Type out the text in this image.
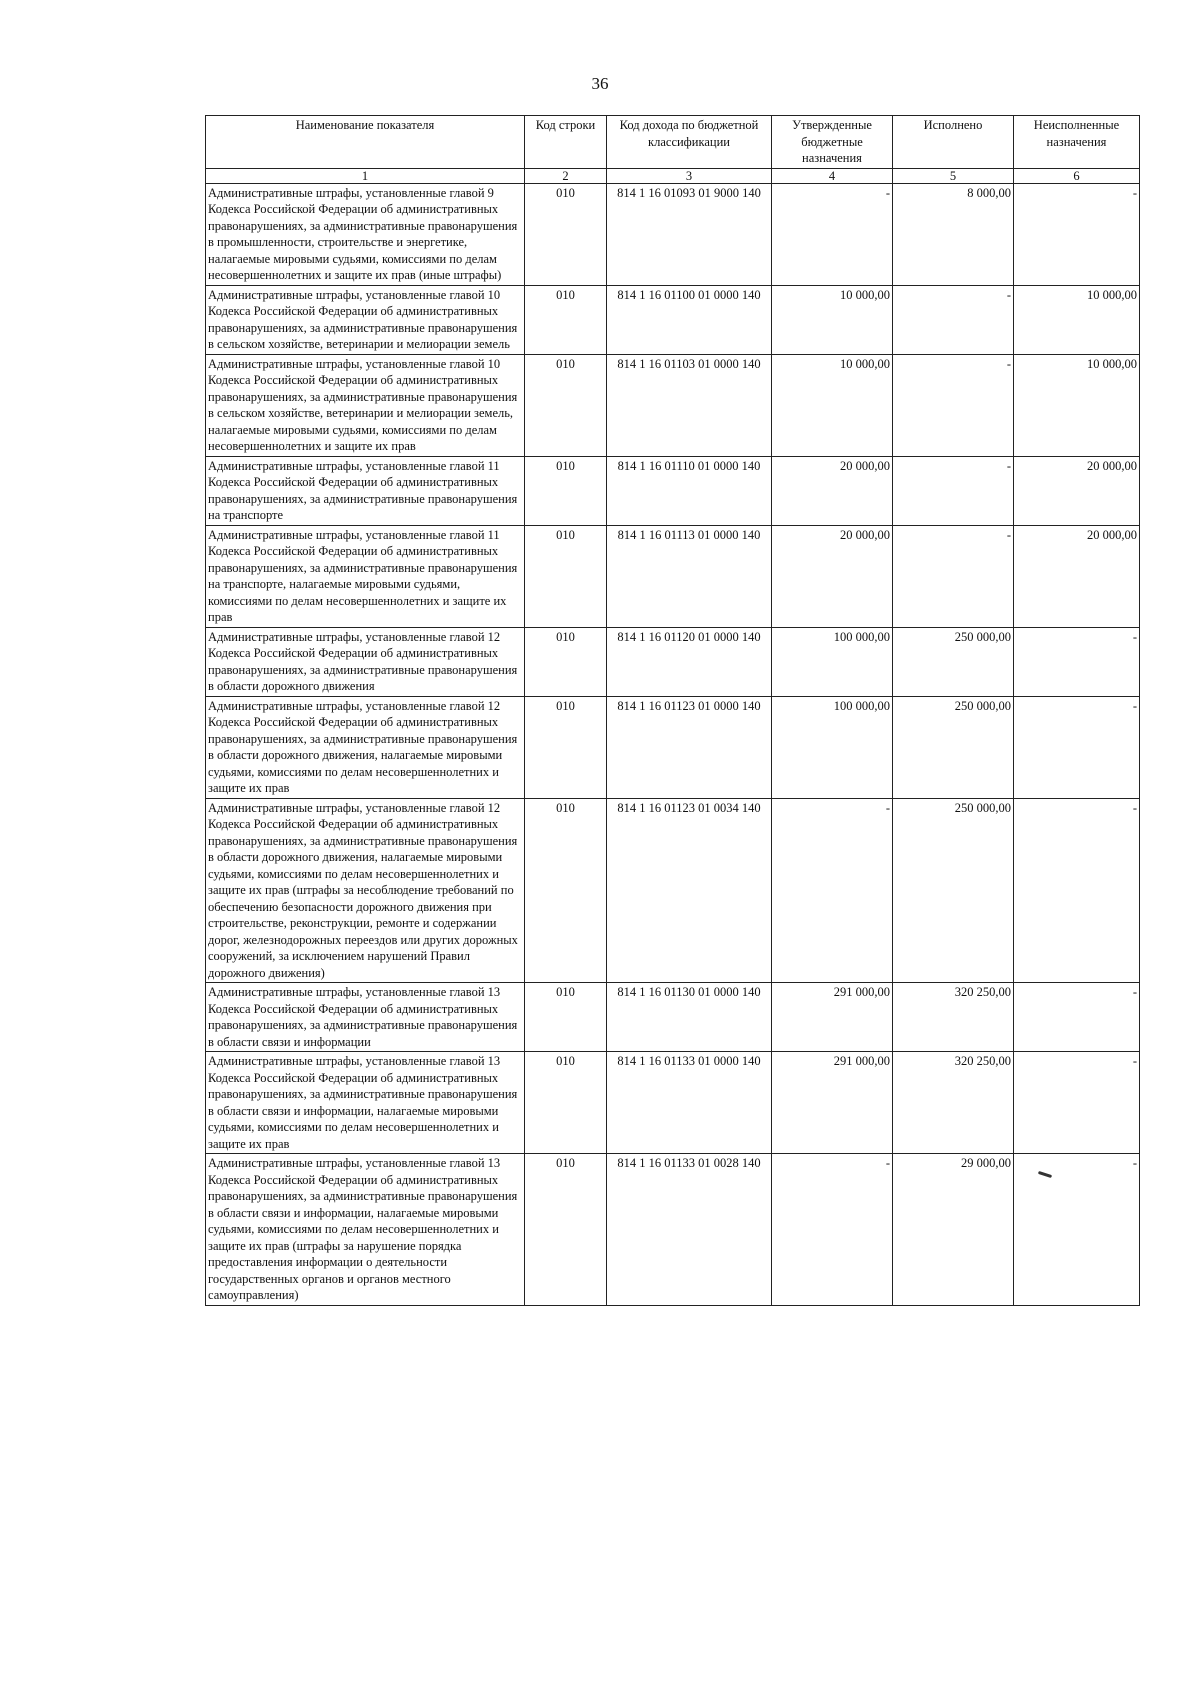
36
Наименование показателя	Код строки	Код дохода по бюджетной классификации	Утвержденные бюджетные назначения	Исполнено	Неисполненные назначения
1	2	3	4	5	6
Административные штрафы, установленные главой 9 Кодекса Российской Федерации об административных правонарушениях, за административные правонарушения в промышленности, строительстве и энергетике, налагаемые мировыми судьями, комиссиями по делам несовершеннолетних и защите их прав (иные штрафы)	010	814 1 16 01093 01 9000 140	-	8 000,00	-
Административные штрафы, установленные главой 10 Кодекса Российской Федерации об административных правонарушениях, за административные правонарушения в сельском хозяйстве, ветеринарии и мелиорации земель	010	814 1 16 01100 01 0000 140	10 000,00	-	10 000,00
Административные штрафы, установленные главой 10 Кодекса Российской Федерации об административных правонарушениях, за административные правонарушения в сельском хозяйстве, ветеринарии и мелиорации земель, налагаемые мировыми судьями, комиссиями по делам несовершеннолетних и защите их прав	010	814 1 16 01103 01 0000 140	10 000,00	-	10 000,00
Административные штрафы, установленные главой 11 Кодекса Российской Федерации об административных правонарушениях, за административные правонарушения на транспорте	010	814 1 16 01110 01 0000 140	20 000,00	-	20 000,00
Административные штрафы, установленные главой 11 Кодекса Российской Федерации об административных правонарушениях, за административные правонарушения на транспорте, налагаемые мировыми судьями, комиссиями по делам несовершеннолетних и защите их прав	010	814 1 16 01113 01 0000 140	20 000,00	-	20 000,00
Административные штрафы, установленные главой 12 Кодекса Российской Федерации об административных правонарушениях, за административные правонарушения в области дорожного движения	010	814 1 16 01120 01 0000 140	100 000,00	250 000,00	-
Административные штрафы, установленные главой 12 Кодекса Российской Федерации об административных правонарушениях, за административные правонарушения в области дорожного движения, налагаемые мировыми судьями, комиссиями по делам несовершеннолетних и защите их прав	010	814 1 16 01123 01 0000 140	100 000,00	250 000,00	-
Административные штрафы, установленные главой 12 Кодекса Российской Федерации об административных правонарушениях, за административные правонарушения в области дорожного движения, налагаемые мировыми судьями, комиссиями по делам несовершеннолетних и защите их прав (штрафы за несоблюдение требований по обеспечению безопасности дорожного движения при строительстве, реконструкции, ремонте и содержании дорог, железнодорожных переездов или других дорожных сооружений, за исключением нарушений Правил дорожного движения)	010	814 1 16 01123 01 0034 140	-	250 000,00	-
Административные штрафы, установленные главой 13 Кодекса Российской Федерации об административных правонарушениях, за административные правонарушения в области связи и информации	010	814 1 16 01130 01 0000 140	291 000,00	320 250,00	-
Административные штрафы, установленные главой 13 Кодекса Российской Федерации об административных правонарушениях, за административные правонарушения в области связи и информации, налагаемые мировыми судьями, комиссиями по делам несовершеннолетних и защите их прав	010	814 1 16 01133 01 0000 140	291 000,00	320 250,00	-
Административные штрафы, установленные главой 13 Кодекса Российской Федерации об административных правонарушениях, за административные правонарушения в области связи и информации, налагаемые мировыми судьями, комиссиями по делам несовершеннолетних и защите их прав (штрафы за нарушение порядка предоставления информации о деятельности государственных органов и органов местного самоуправления)	010	814 1 16 01133 01 0028 140	-	29 000,00	-
